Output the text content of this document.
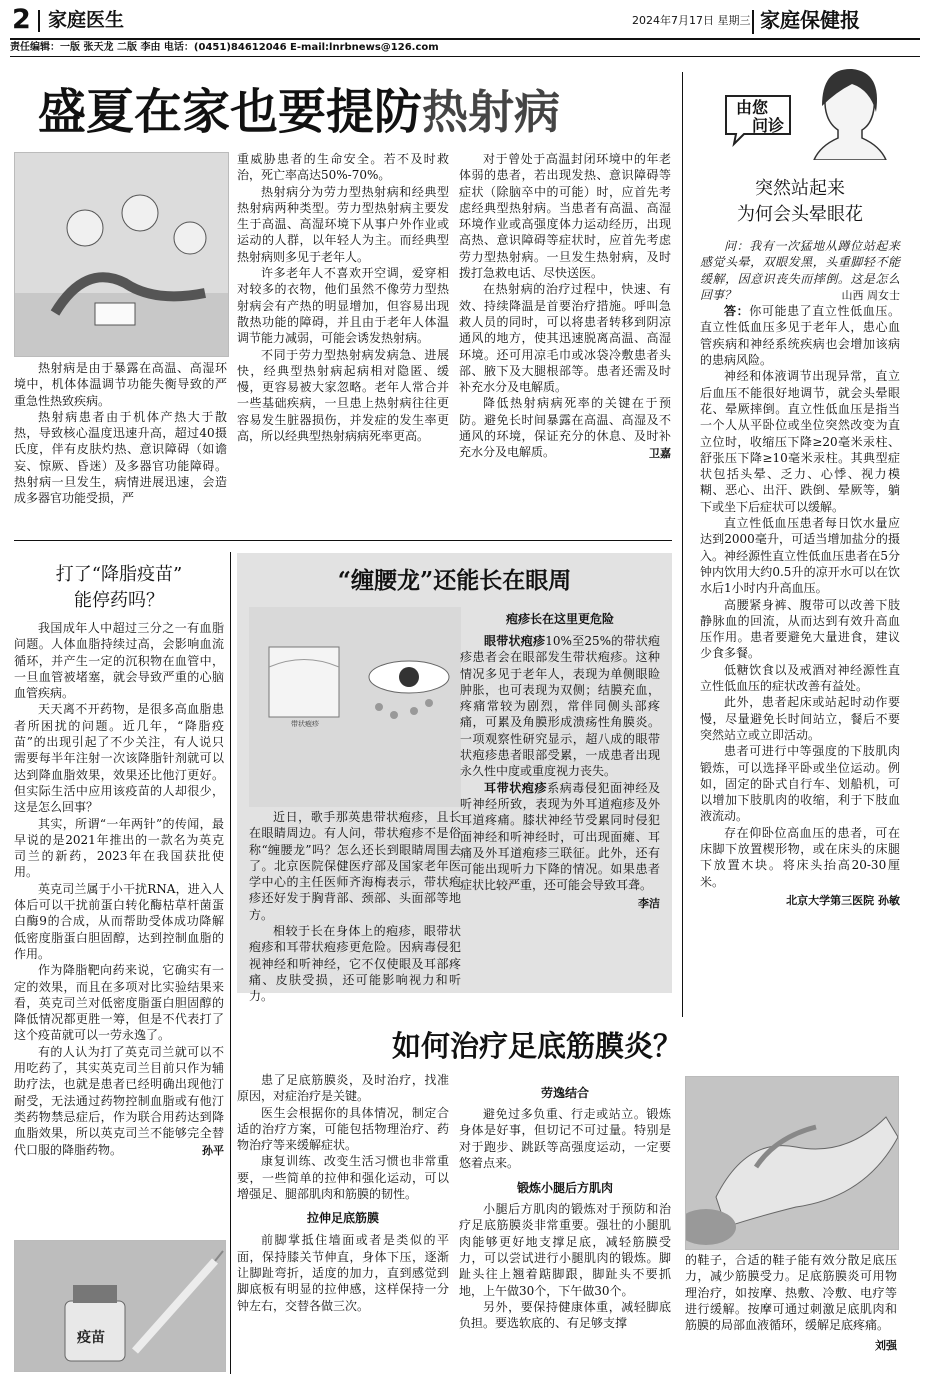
2 家庭医生	2024年7月17日 星期三 家庭保健报
责任编辑：一版 张天龙 二版 李由 电话：(0451)84612046 E-mail:lnrbnews@126.com
盛夏在家也要提防热射病

热射病是由于暴露在高温、高湿环境中，机体体温调节功能失衡导致的严重急性热致疾病。

热射病患者由于机体产热大于散热，导致核心温度迅速升高，超过40摄氏度，伴有皮肤灼热、意识障碍（如谵妄、惊厥、昏迷）及多器官功能障碍。热射病一旦发生，病情进展迅速，会造成多器官功能受损，严

重威胁患者的生命安全。若不及时救治，死亡率高达50%-70%。

热射病分为劳力型热射病和经典型热射病两种类型。劳力型热射病主要发生于高温、高湿环境下从事户外作业或运动的人群，以年轻人为主。而经典型热射病则多见于老年人。

许多老年人不喜欢开空调，爱穿相对较多的衣物，他们虽然不像劳力型热射病会有产热的明显增加，但容易出现散热功能的障碍，并且由于老年人体温调节能力减弱，可能会诱发热射病。

不同于劳力型热射病发病急、进展快，经典型热射病起病相对隐匿、缓慢，更容易被大家忽略。老年人常合并一些基础疾病，一旦患上热射病往往更容易发生脏器损伤，并发症的发生率更高，所以经典型热射病病死率更高。

对于曾处于高温封闭环境中的年老体弱的患者，若出现发热、意识障碍等症状（除脑卒中的可能）时，应首先考虑经典型热射病。当患者有高温、高湿环境作业或高强度体力运动经历，出现高热、意识障碍等症状时，应首先考虑劳力型热射病。一旦发生热射病，及时拨打急救电话、尽快送医。

在热射病的治疗过程中，快速、有效、持续降温是首要治疗措施。呼叫急救人员的同时，可以将患者转移到阴凉通风的地方，使其迅速脱离高温、高湿环境。还可用凉毛巾或冰袋冷敷患者头部、腋下及大腿根部等。患者还需及时补充水分及电解质。

降低热射病病死率的关键在于预防。避免长时间暴露在高温、高湿及不通风的环境，保证充分的休息、及时补充水分及电解质。	卫嘉

由您
问诊
突然站起来
为何会头晕眼花

问：我有一次猛地从蹲位站起来感觉头晕，双眼发黑，头重脚轻不能缓解，因意识丧失而摔倒。这是怎么回事？	山西 周女士

答：你可能患了直立性低血压。直立性低血压多见于老年人，患心血管疾病和神经系统疾病也会增加该病的患病风险。

神经和体液调节出现异常，直立后血压不能很好地调节，就会头晕眼花、晕厥摔倒。直立性低血压是指当一个人从平卧位或坐位突然改变为直立位时，收缩压下降≥20毫米汞柱、舒张压下降≥10毫米汞柱。其典型症状包括头晕、乏力、心悸、视力模糊、恶心、出汗、跌倒、晕厥等，躺下或坐下后症状可以缓解。

直立性低血压患者每日饮水量应达到2000毫升，可适当增加盐分的摄入。神经源性直立性低血压患者在5分钟内饮用大约0.5升的凉开水可以在饮水后1小时内升高血压。

高腰紧身裤、腹带可以改善下肢静脉血的回流，从而达到有效升高血压作用。患者要避免大量进食，建议少食多餐。

低糖饮食以及戒酒对神经源性直立性低血压的症状改善有益处。

此外，患者起床或站起时动作要慢，尽量避免长时间站立，餐后不要突然站立或立即活动。

患者可进行中等强度的下肢肌肉锻炼，可以选择平卧或坐位运动。例如，固定的卧式自行车、划船机，可以增加下肢肌肉的收缩，利于下肢血液流动。

存在仰卧位高血压的患者，可在床脚下放置楔形物，或在床头的床腿下放置木块。将床头抬高20-30厘米。

北京大学第三医院 孙敏

打了“降脂疫苗”
能停药吗？

我国成年人中超过三分之一有血脂问题。人体血脂持续过高，会影响血流循环，并产生一定的沉积物在血管中，一旦血管被堵塞，就会导致严重的心脑血管疾病。

天天离不开药物，是很多高血脂患者所困扰的问题。近几年，“降脂疫苗”的出现引起了不少关注，有人说只需要每半年注射一次该降脂针剂就可以达到降血脂效果，效果还比他汀更好。但实际生活中应用该疫苗的人却很少，这是怎么回事？

其实，所谓“一年两针”的传闻，最早说的是2021年推出的一款名为英克司兰的新药，2023年在我国获批使用。

英克司兰属于小干扰RNA，进入人体后可以干扰前蛋白转化酶枯草杆菌蛋白酶9的合成，从而帮助受体成功降解低密度脂蛋白胆固醇，达到控制血脂的作用。

作为降脂靶向药来说，它确实有一定的效果，而且在多项对比实验结果来看，英克司兰对低密度脂蛋白胆固醇的降低情况都更胜一筹，但是不代表打了这个疫苗就可以一劳永逸了。

有的人认为打了英克司兰就可以不用吃药了，其实英克司兰目前只作为辅助疗法，也就是患者已经明确出现他汀耐受，无法通过药物控制血脂或有他汀类药物禁忌症后，作为联合用药达到降血脂效果，所以英克司兰不能够完全替代口服的降脂药物。	孙平

疫苗
“缠腰龙”还能长在眼周
带状疱疹

近日，歌手那英患带状疱疹，且长在眼睛周边。有人问，带状疱疹不是俗称“缠腰龙”吗？怎么还长到眼睛周围去了。北京医院保健医疗部及国家老年医学中心的主任医师齐海梅表示，带状疱疹还好发于胸背部、颈部、头面部等地方。

相较于长在身体上的疱疹，眼带状疱疹和耳带状疱疹更危险。因病毒侵犯视神经和听神经，它不仅使眼及耳部疼痛、皮肤受损，还可能影响视力和听力。

疱疹长在这里更危险

眼带状疱疹10%至25%的带状疱疹患者会在眼部发生带状疱疹。这种情况多见于老年人，表现为单侧眼睑肿胀，也可表现为双侧；结膜充血，疼痛常较为剧烈，常伴同侧头部疼痛，可累及角膜形成溃疡性角膜炎。一项观察性研究显示，超八成的眼带状疱疹患者眼部受累，一成患者出现永久性中度或重度视力丧失。

耳带状疱疹系病毒侵犯面神经及听神经所致，表现为外耳道疱疹及外耳道疼痛。膝状神经节受累同时侵犯面神经和听神经时，可出现面瘫、耳痛及外耳道疱疹三联征。此外，还有可能出现听力下降的情况。如果患者症状比较严重，还可能会导致耳聋。

李洁

如何治疗足底筋膜炎？

患了足底筋膜炎，及时治疗，找准原因，对症治疗是关键。

医生会根据你的具体情况，制定合适的治疗方案，可能包括物理治疗、药物治疗等来缓解症状。

康复训练、改变生活习惯也非常重要，一些简单的拉伸和强化运动，可以增强足、腿部肌肉和筋膜的韧性。

拉伸足底筋膜

前脚掌抵住墙面或者是类似的平面，保持膝关节伸直，身体下压，逐渐让脚趾弯折，适度的加力，直到感觉到脚底板有明显的拉伸感，这样保持一分钟左右，交替各做三次。

劳逸结合

避免过多负重、行走或站立。锻炼身体是好事，但切记不可过量。特别是对于跑步、跳跃等高强度运动，一定要悠着点来。

锻炼小腿后方肌肉

小腿后方肌肉的锻炼对于预防和治疗足底筋膜炎非常重要。强壮的小腿肌肉能够更好地支撑足底，减轻筋膜受力，可以尝试进行小腿肌肉的锻炼。脚趾头往上翘着踮脚跟，脚趾头不要抓地，上午做30个，下午做30个。

另外，要保持健康体重，减轻脚底负担。要选软底的、有足够支撑

的鞋子，合适的鞋子能有效分散足底压力，减少筋膜受力。足底筋膜炎可用物理治疗，如按摩、热敷、冷敷、电疗等进行缓解。按摩可通过刺激足底肌肉和筋膜的局部血液循环，缓解足底疼痛。

刘强
